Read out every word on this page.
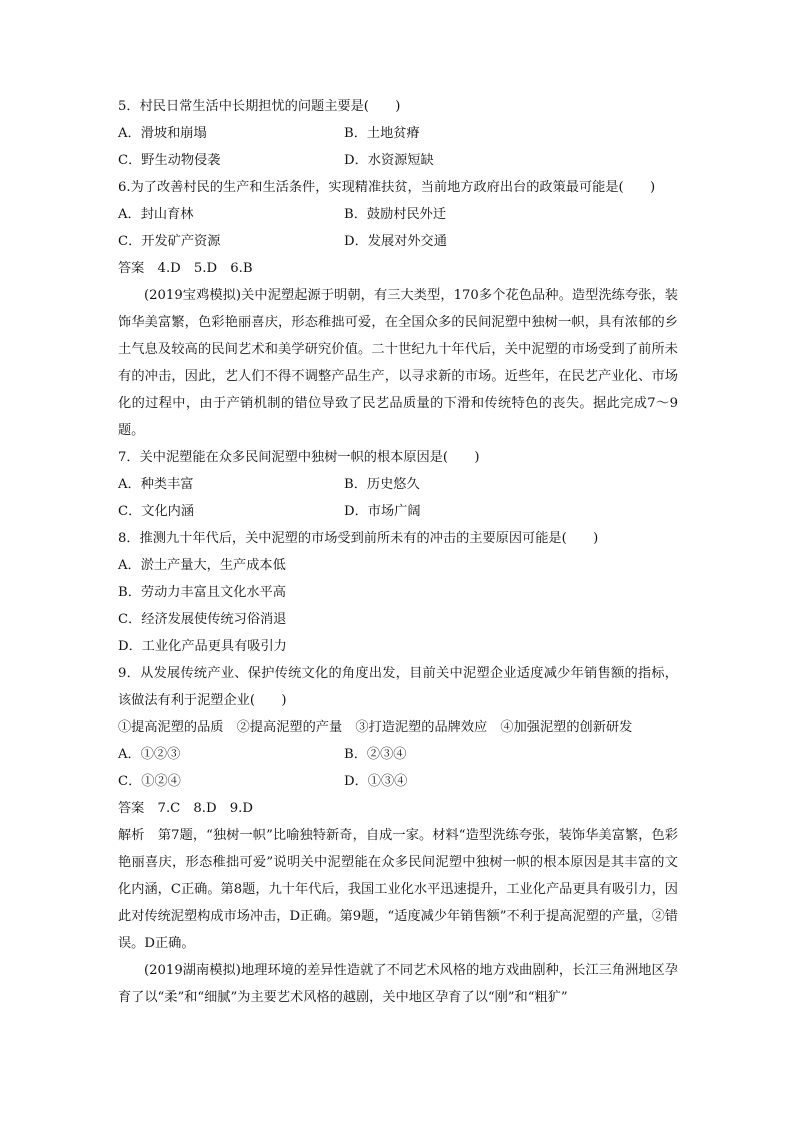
5．村民日常生活中长期担忧的问题主要是(　　)
A．滑坡和崩塌	B．土地贫瘠
C．野生动物侵袭	D．水资源短缺
6.为了改善村民的生产和生活条件，实现精准扶贫，当前地方政府出台的政策最可能是(　　)
A．封山育林	B．鼓励村民外迁
C．开发矿产资源	D．发展对外交通
答案　4.D　5.D　6.B
(2019宝鸡模拟)关中泥塑起源于明朝，有三大类型，170多个花色品种。造型洗练夸张，装饰华美富繁，色彩艳丽喜庆，形态稚拙可爱，在全国众多的民间泥塑中独树一帜，具有浓郁的乡土气息及较高的民间艺术和美学研究价值。二十世纪九十年代后，关中泥塑的市场受到了前所未有的冲击，因此，艺人们不得不调整产品生产，以寻求新的市场。近些年，在民艺产业化、市场化的过程中，由于产销机制的错位导致了民艺品质量的下滑和传统特色的丧失。据此完成7～9题。
7．关中泥塑能在众多民间泥塑中独树一帜的根本原因是(　　)
A．种类丰富	B．历史悠久
C．文化内涵	D．市场广阔
8．推测九十年代后，关中泥塑的市场受到前所未有的冲击的主要原因可能是(　　)
A．淤土产量大，生产成本低
B．劳动力丰富且文化水平高
C．经济发展使传统习俗消退
D．工业化产品更具有吸引力
9．从发展传统产业、保护传统文化的角度出发，目前关中泥塑企业适度减少年销售额的指标，该做法有利于泥塑企业(　　)
①提高泥塑的品质　②提高泥塑的产量　③打造泥塑的品牌效应　④加强泥塑的创新研发
A．①②③	B．②③④
C．①②④	D．①③④
答案　7.C　8.D　9.D
解析　第7题，“独树一帜”比喻独特新奇，自成一家。材料“造型洗练夸张，装饰华美富繁，色彩艳丽喜庆，形态稚拙可爱”说明关中泥塑能在众多民间泥塑中独树一帜的根本原因是其丰富的文化内涵，C正确。第8题，九十年代后，我国工业化水平迅速提升，工业化产品更具有吸引力，因此对传统泥塑构成市场冲击，D正确。第9题，“适度减少年销售额”不利于提高泥塑的产量，②错误。D正确。
(2019湖南模拟)地理环境的差异性造就了不同艺术风格的地方戏曲剧种，长江三角洲地区孕育了以“柔”和“细腻”为主要艺术风格的越剧，关中地区孕育了以“刚”和“粗犷”
